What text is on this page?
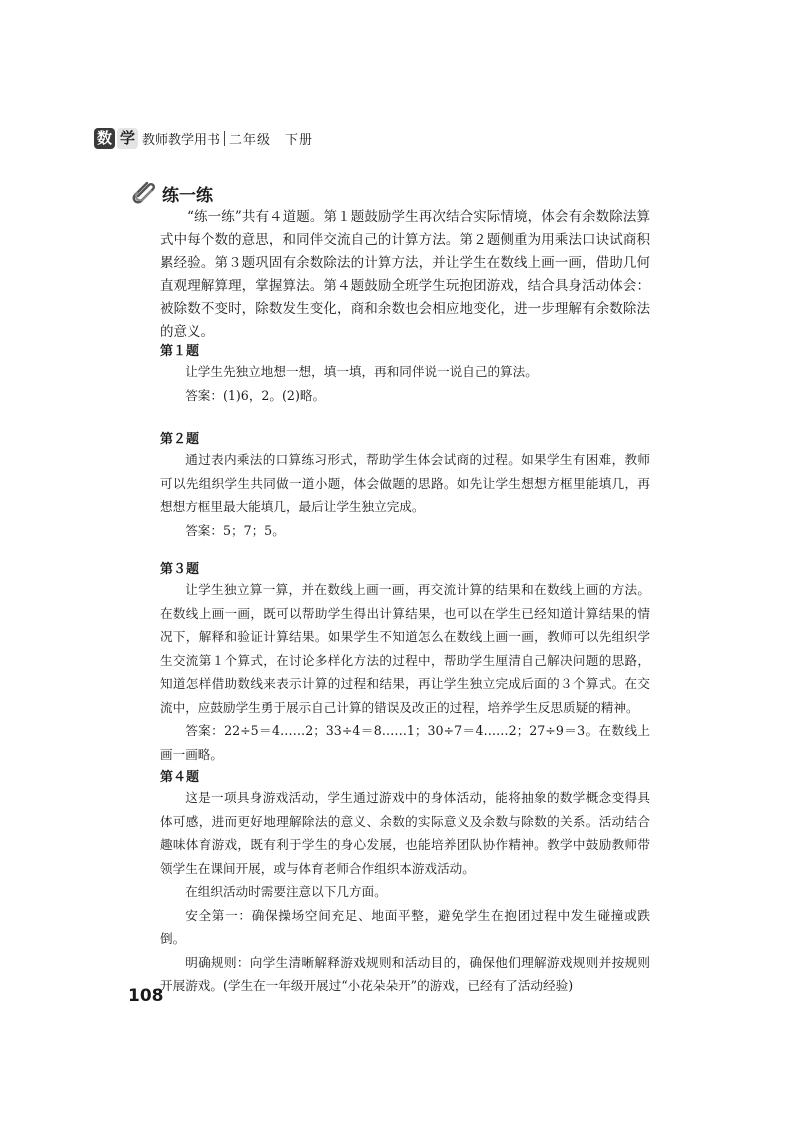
数 学 教师教学用书 二年级　下册
练一练

“练一练”共有４道题。第１题鼓励学生再次结合实际情境，体会有余数除法算式中每个数的意思，和同伴交流自己的计算方法。第２题侧重为用乘法口诀试商积累经验。第３题巩固有余数除法的计算方法，并让学生在数线上画一画，借助几何直观理解算理，掌握算法。第４题鼓励全班学生玩抱团游戏，结合具身活动体会：被除数不变时，除数发生变化，商和余数也会相应地变化，进一步理解有余数除法的意义。

第１题

让学生先独立地想一想，填一填，再和同伴说一说自己的算法。

答案：(1)6，2。(2)略。

第２题

通过表内乘法的口算练习形式，帮助学生体会试商的过程。如果学生有困难，教师可以先组织学生共同做一道小题，体会做题的思路。如先让学生想想方框里能填几，再想想方框里最大能填几，最后让学生独立完成。

答案：5；7；5。

第３题

让学生独立算一算，并在数线上画一画，再交流计算的结果和在数线上画的方法。在数线上画一画，既可以帮助学生得出计算结果，也可以在学生已经知道计算结果的情况下，解释和验证计算结果。如果学生不知道怎么在数线上画一画，教师可以先组织学生交流第１个算式，在讨论多样化方法的过程中，帮助学生厘清自己解决问题的思路，知道怎样借助数线来表示计算的过程和结果，再让学生独立完成后面的３个算式。在交流中，应鼓励学生勇于展示自己计算的错误及改正的过程，培养学生反思质疑的精神。

答案：22÷5＝4……2；33÷4＝8……1；30÷7＝4……2；27÷9＝3。在数线上画一画略。

第４题

这是一项具身游戏活动，学生通过游戏中的身体活动，能将抽象的数学概念变得具体可感，进而更好地理解除法的意义、余数的实际意义及余数与除数的关系。活动结合趣味体育游戏，既有利于学生的身心发展，也能培养团队协作精神。教学中鼓励教师带领学生在课间开展，或与体育老师合作组织本游戏活动。

在组织活动时需要注意以下几方面。

安全第一：确保操场空间充足、地面平整，避免学生在抱团过程中发生碰撞或跌倒。

明确规则：向学生清晰解释游戏规则和活动目的，确保他们理解游戏规则并按规则开展游戏。(学生在一年级开展过“小花朵朵开”的游戏，已经有了活动经验)

108
